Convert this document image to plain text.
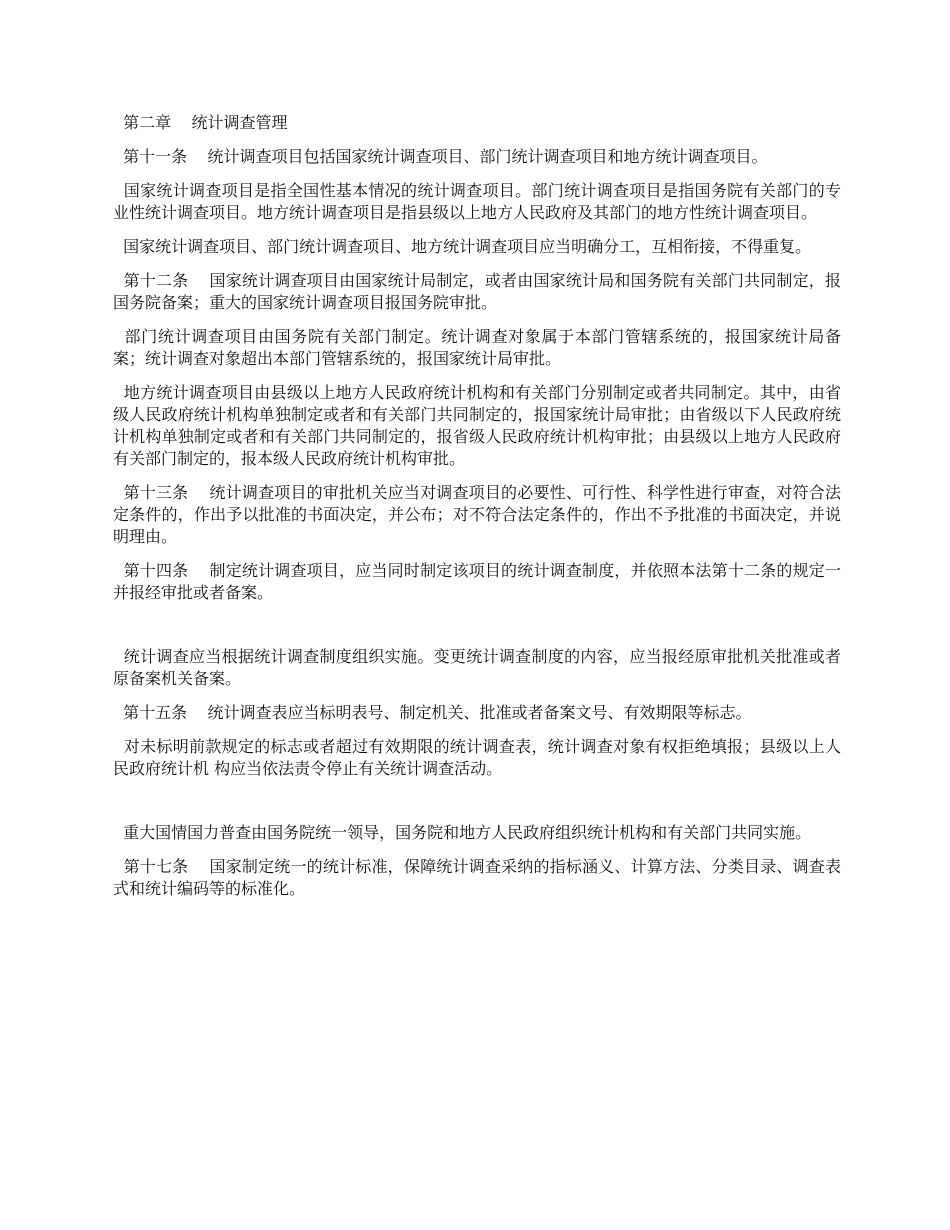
第二章    统计调查管理

第十一条    统计调查项目包括国家统计调查项目、部门统计调查项目和地方统计调查项目。

国家统计调查项目是指全国性基本情况的统计调查项目。部门统计调查项目是指国务院有关部门的专业性统计调查项目。地方统计调查项目是指县级以上地方人民政府及其部门的地方性统计调查项目。

国家统计调查项目、部门统计调查项目、地方统计调查项目应当明确分工，互相衔接，不得重复。

第十二条    国家统计调查项目由国家统计局制定，或者由国家统计局和国务院有关部门共同制定，报国务院备案；重大的国家统计调查项目报国务院审批。

部门统计调查项目由国务院有关部门制定。统计调查对象属于本部门管辖系统的，报国家统计局备案；统计调查对象超出本部门管辖系统的，报国家统计局审批。

地方统计调查项目由县级以上地方人民政府统计机构和有关部门分别制定或者共同制定。其中，由省级人民政府统计机构单独制定或者和有关部门共同制定的，报国家统计局审批；由省级以下人民政府统计机构单独制定或者和有关部门共同制定的，报省级人民政府统计机构审批；由县级以上地方人民政府有关部门制定的，报本级人民政府统计机构审批。

第十三条    统计调查项目的审批机关应当对调查项目的必要性、可行性、科学性进行审查，对符合法定条件的，作出予以批准的书面决定，并公布；对不符合法定条件的，作出不予批准的书面决定，并说明理由。

第十四条    制定统计调查项目，应当同时制定该项目的统计调查制度，并依照本法第十二条的规定一并报经审批或者备案。

统计调查应当根据统计调查制度组织实施。变更统计调查制度的内容，应当报经原审批机关批准或者原备案机关备案。

第十五条    统计调查表应当标明表号、制定机关、批准或者备案文号、有效期限等标志。

对未标明前款规定的标志或者超过有效期限的统计调查表，统计调查对象有权拒绝填报；县级以上人民政府统计机 构应当依法责令停止有关统计调查活动。

重大国情国力普查由国务院统一领导，国务院和地方人民政府组织统计机构和有关部门共同实施。

第十七条    国家制定统一的统计标准，保障统计调查采纳的指标涵义、计算方法、分类目录、调查表式和统计编码等的标准化。
